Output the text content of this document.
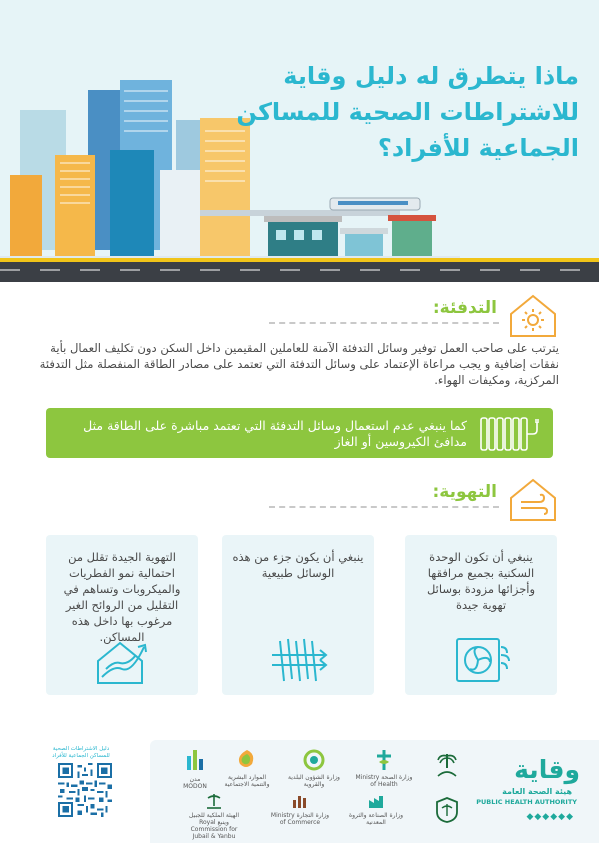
ماذا يتطرق له دليل وقاية
للاشتراطات الصحية للمساكن
الجماعية للأفراد؟
التدفئة:
يترتب على صاحب العمل توفير وسائل التدفئة الآمنة للعاملين المقيمين داخل السكن دون تكليف العمال بأية نفقات إضافية و يجب مراعاة الإعتماد على وسائل التدفئة التي تعتمد على مصادر الطاقة المنفصلة مثل التدفئة المركزية، ومكيفات الهواء.
كما ينبغي عدم استعمال وسائل التدفئة التي تعتمد مباشرة على الطاقة مثل مدافئ الكيروسين أو الغاز
التهوية:
ينبغي أن تكون الوحدة السكنية بجميع مرافقها وأجزائها مزودة بوسائل تهوية جيدة
ينبغي أن يكون جزء من هذه الوسائل طبيعية
التهوية الجيدة تقلل من احتمالية نمو الفطريات والميكروبات وتساهم في التقليل من الروائح الغير مرغوب بها داخل هذه المساكن.
دليل الاشتراطات الصحية للمساكن الجماعية للأفراد
مدن MODON
الموارد البشرية والتنمية الاجتماعية
وزارة الشؤون البلدية والقروية
وزارة الصحة Ministry of Health
الهيئة الملكية للجبيل وينبع Royal Commission for Jubail & Yanbu
وزارة التجارة Ministry of Commerce
وزارة الصناعة والثروة المعدنية
وقاية
هيئة الصحة العامة
PUBLIC HEALTH AUTHORITY
◆◆◆◆◆◆
